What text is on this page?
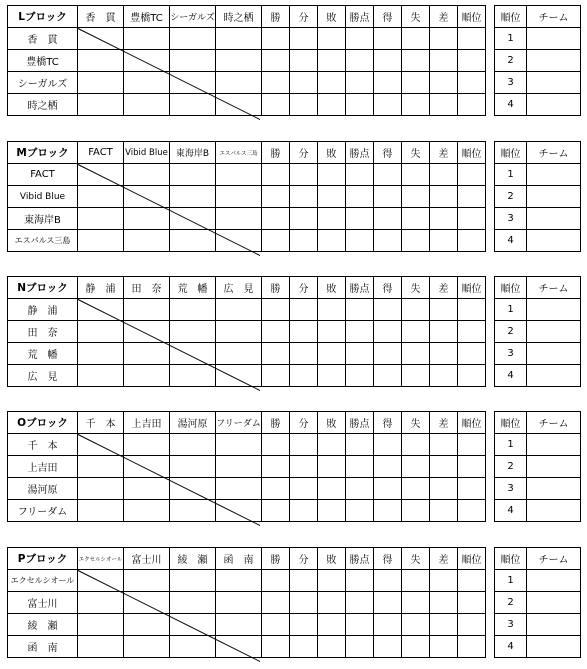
Lブロック	香　貫	豊橋TC	シーガルズ	時之栖	勝	分	敗	勝点	得	失	差	順位
香　貫												
豊橋TC												
シーガルズ												
時之栖												
順位	チーム
1	
2	
3	
4	
Mブロック	FACT	Vibid Blue	東海岸B	エスパルス三島	勝	分	敗	勝点	得	失	差	順位
FACT												
Vibid Blue												
東海岸B												
エスパルス三島												
順位	チーム
1	
2	
3	
4	
Nブロック	静　浦	田　奈	荒　幡	広　見	勝	分	敗	勝点	得	失	差	順位
静　浦												
田　奈												
荒　幡												
広　見												
順位	チーム
1	
2	
3	
4	
Oブロック	千　本	上吉田	湯河原	フリーダム	勝	分	敗	勝点	得	失	差	順位
千　本												
上吉田												
湯河原												
フリーダム												
順位	チーム
1	
2	
3	
4	
Pブロック	エクセルシオール	富士川	綾　瀬	函　南	勝	分	敗	勝点	得	失	差	順位
エクセルシオール												
富士川												
綾　瀬												
函　南												
順位	チーム
1	
2	
3	
4	
